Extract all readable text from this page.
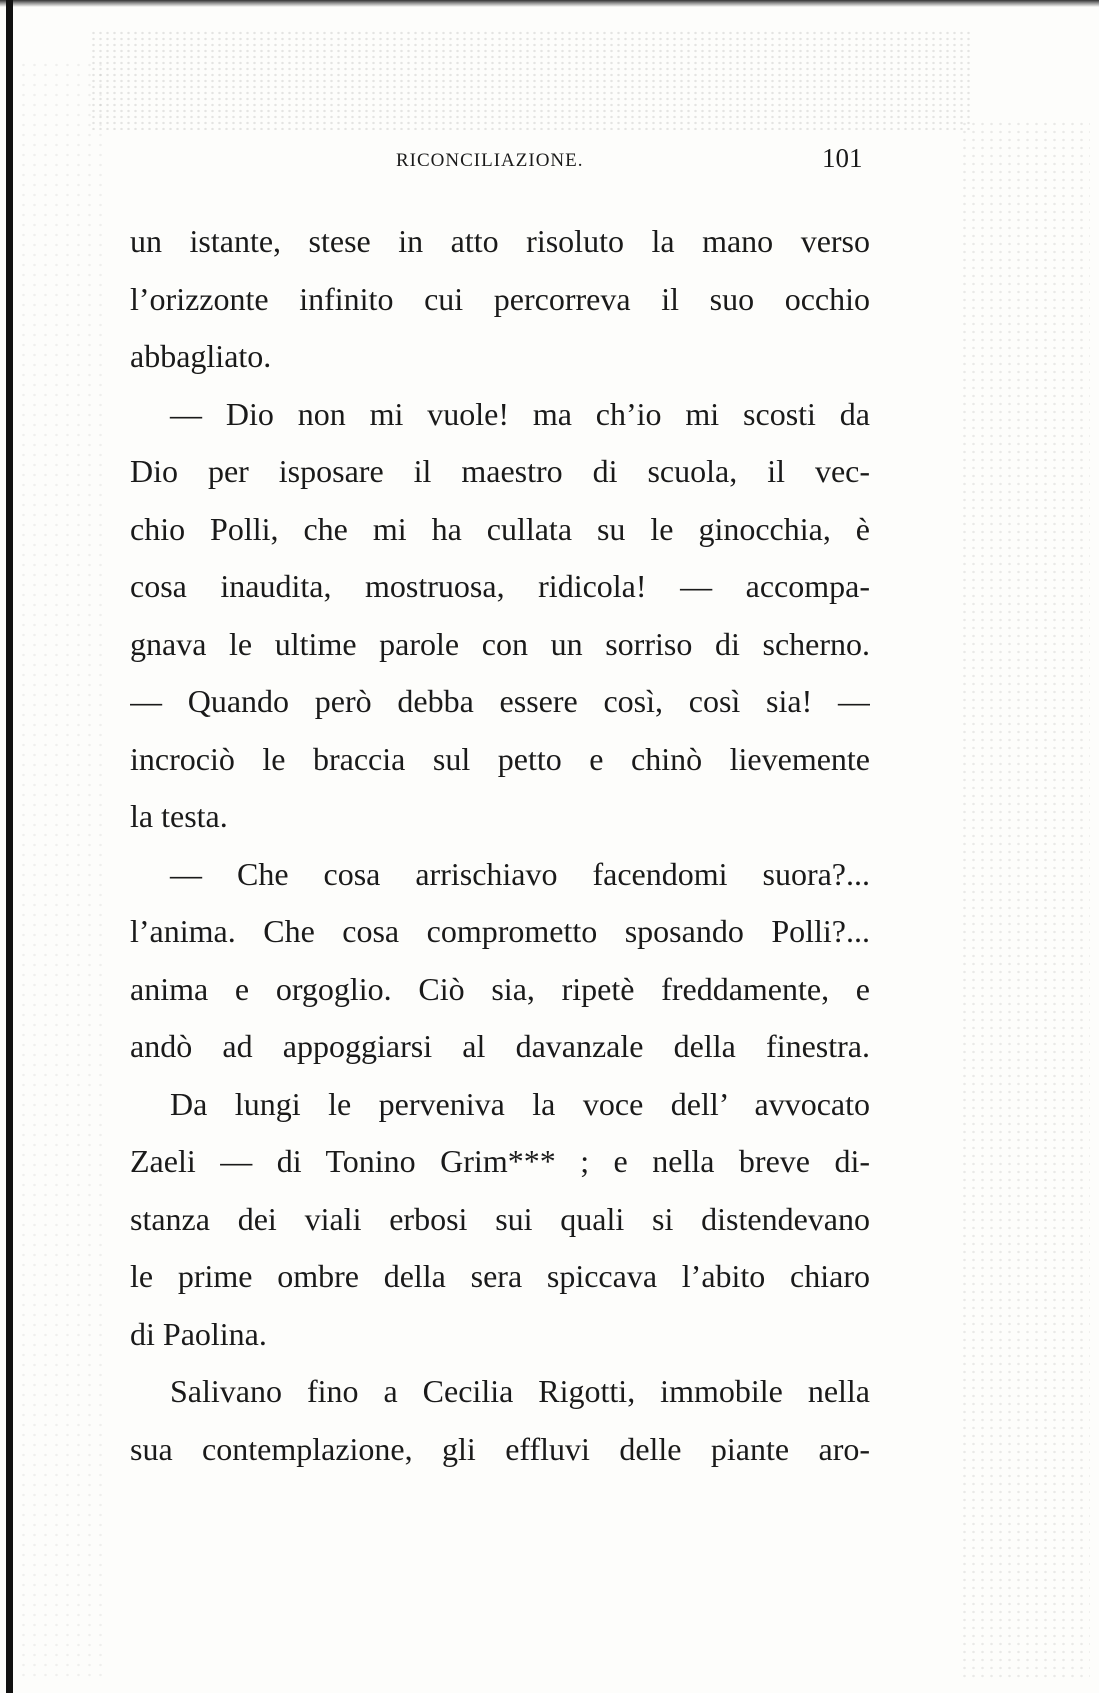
RICONCILIAZIONE.	101
un istante, stese in atto risoluto la mano verso
l’orizzonte infinito cui percorreva il suo occhio
abbagliato.
— Dio non mi vuole! ma ch’io mi scosti da
Dio per isposare il maestro di scuola, il vec-
chio Polli, che mi ha cullata su le ginocchia, è
cosa inaudita, mostruosa, ridicola! — accompa-
gnava le ultime parole con un sorriso di scherno.
— Quando però debba essere così, così sia! —
incrociò le braccia sul petto e chinò lievemente
la testa.
— Che cosa arrischiavo facendomi suora?...
l’anima. Che cosa compromettο sposando Polli?...
anima e orgoglio. Ciò sia, ripetè freddamente, e
andò ad appoggiarsi al davanzale della finestra.
Da lungi le perveniva la voce dell’ avvocato
Zaeli — di Tonino Grim*** ; e nella breve di-
stanza dei viali erbosi sui quali si distendevano
le prime ombre della sera spiccava l’abito chiaro
di Paolina.
Salivano fino a Cecilia Rigotti, immobile nella
sua contemplazione, gli effluvi delle piante aro-
